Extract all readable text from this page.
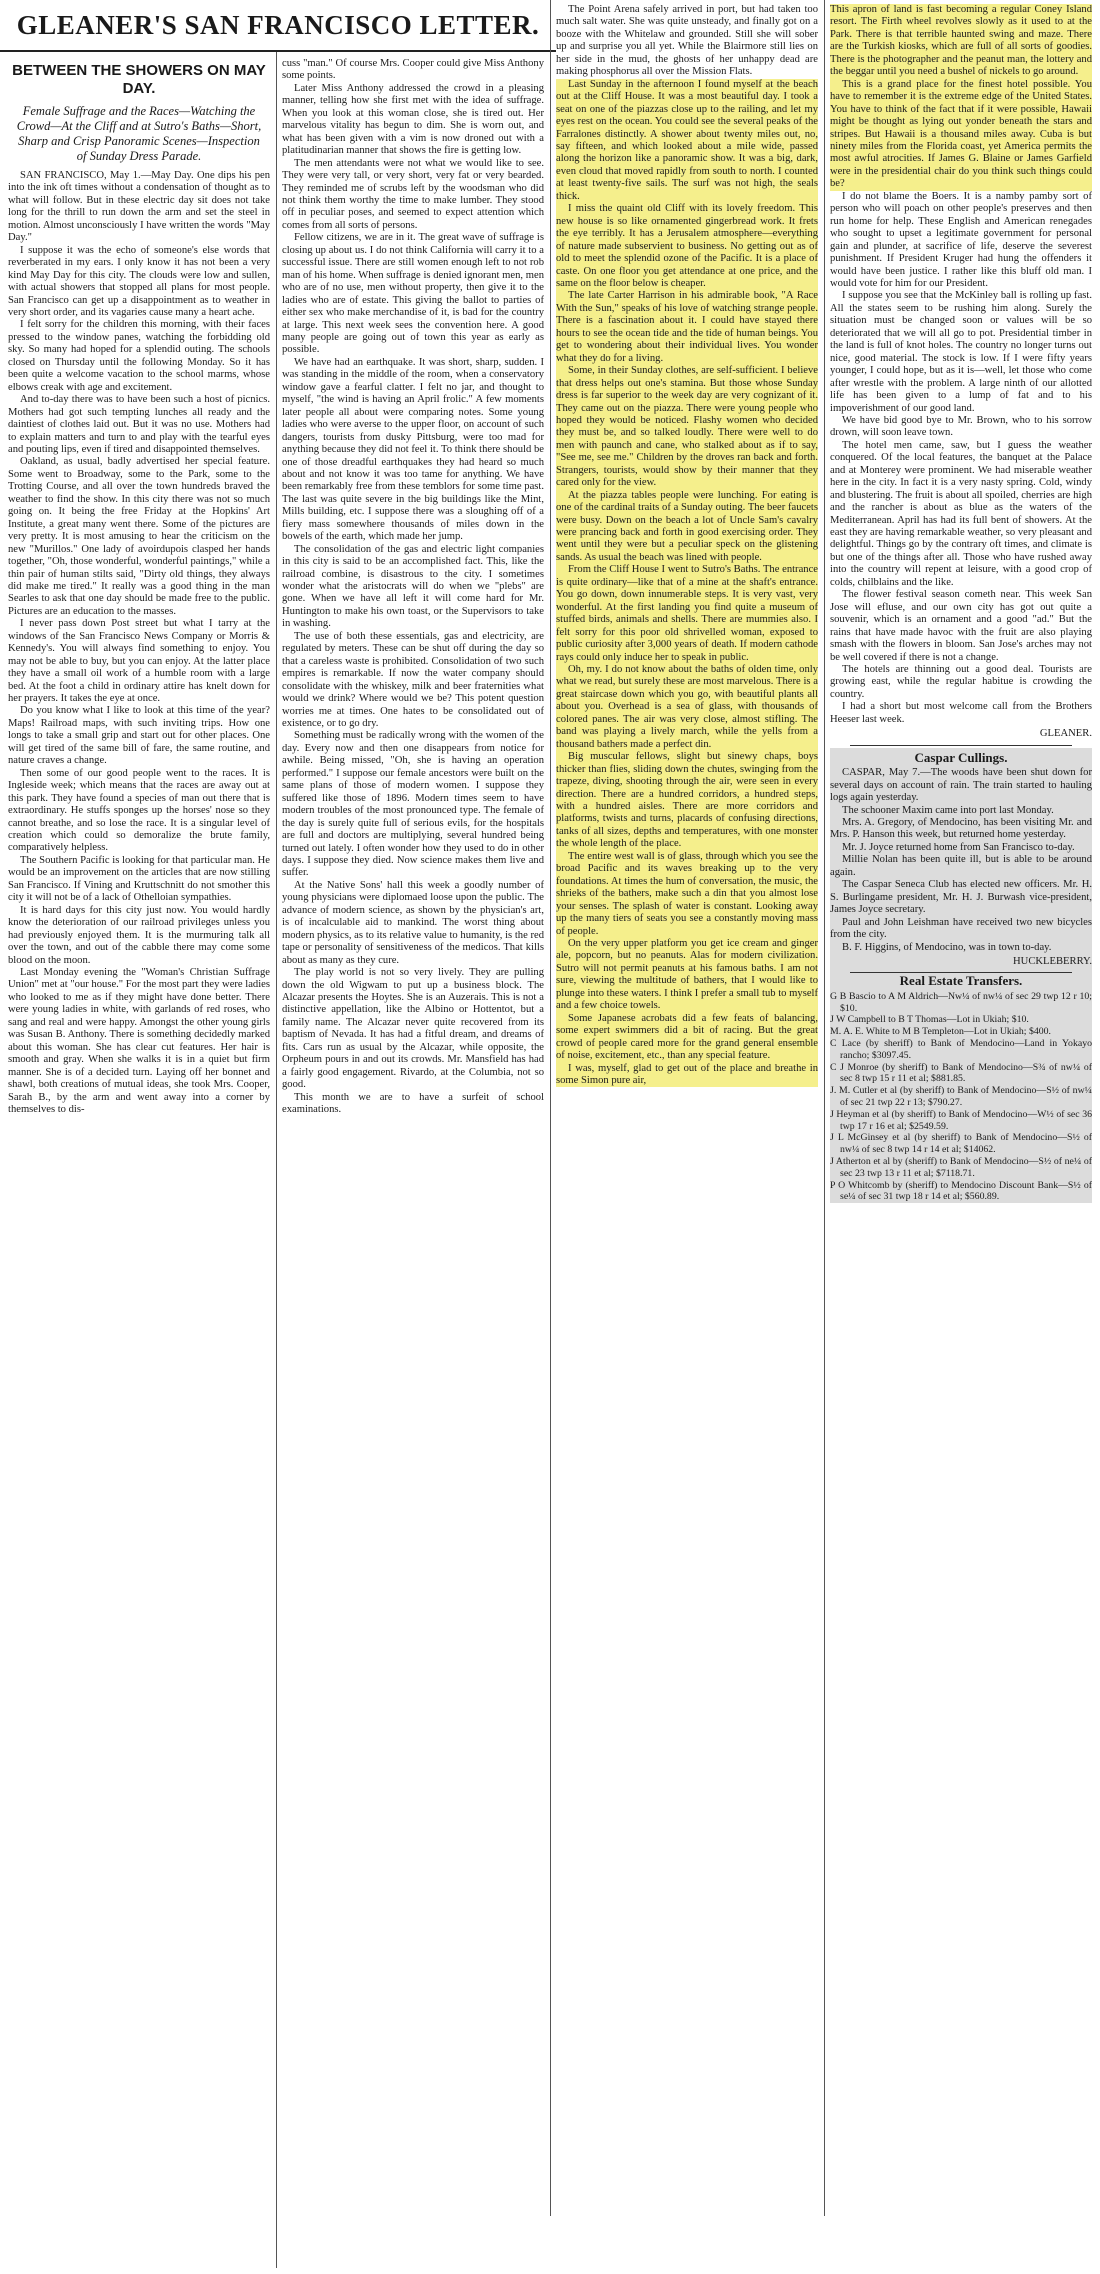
GLEANER'S SAN FRANCISCO LETTER.
BETWEEN THE SHOWERS ON MAY DAY.
Female Suffrage and the Races—Watching the Crowd—At the Cliff and at Sutro's Baths—Short, Sharp and Crisp Panoramic Scenes—Inspection of Sunday Dress Parade.

SAN FRANCISCO, May 1.—May Day. One dips his pen into the ink oft times without a condensation of thought as to what will follow. But in these electric day sit does not take long for the thrill to run down the arm and set the steel in motion. Almost unconsciously I have written the words "May Day."

I suppose it was the echo of someone's else words that reverberated in my ears. I only know it has not been a very kind May Day for this city. The clouds were low and sullen, with actual showers that stopped all plans for most people. San Francisco can get up a disappointment as to weather in very short order, and its vagaries cause many a heart ache.

I felt sorry for the children this morning, with their faces pressed to the window panes, watching the forbidding old sky. So many had hoped for a splendid outing. The schools closed on Thursday until the following Monday. So it has been quite a welcome vacation to the school marms, whose elbows creak with age and excitement.

And to-day there was to have been such a host of picnics. Mothers had got such tempting lunches all ready and the daintiest of clothes laid out. But it was no use. Mothers had to explain matters and turn to and play with the tearful eyes and pouting lips, even if tired and disappointed themselves.

Oakland, as usual, badly advertised her special feature. Some went to Broadway, some to the Park, some to the Trotting Course, and all over the town hundreds braved the weather to find the show. In this city there was not so much going on. It being the free Friday at the Hopkins' Art Institute, a great many went there. Some of the pictures are very pretty. It is most amusing to hear the criticism on the new "Murillos." One lady of avoirdupois clasped her hands together, "Oh, those wonderful, wonderful paintings," while a thin pair of human stilts said, "Dirty old things, they always did make me tired." It really was a good thing in the man Searles to ask that one day should be made free to the public. Pictures are an education to the masses.

I never pass down Post street but what I tarry at the windows of the San Francisco News Company or Morris & Kennedy's. You will always find something to enjoy. You may not be able to buy, but you can enjoy. At the latter place they have a small oil work of a humble room with a large bed. At the foot a child in ordinary attire has knelt down for her prayers. It takes the eye at once.

Do you know what I like to look at this time of the year? Maps! Railroad maps, with such inviting trips. How one longs to take a small grip and start out for other places. One will get tired of the same bill of fare, the same routine, and nature craves a change.

Then some of our good people went to the races. It is Ingleside week; which means that the races are away out at this park. They have found a species of man out there that is extraordinary. He stuffs sponges up the horses' nose so they cannot breathe, and so lose the race. It is a singular level of creation which could so demoralize the brute family, comparatively helpless.

The Southern Pacific is looking for that particular man. He would be an improvement on the articles that are now stilling San Francisco. If Vining and Kruttschnitt do not smother this city it will not be of a lack of Othelloian sympathies.

It is hard days for this city just now. You would hardly know the deterioration of our railroad privileges unless you had previously enjoyed them. It is the murmuring talk all over the town, and out of the cabble there may come some blood on the moon.

Last Monday evening the "Woman's Christian Suffrage Union" met at "our house." For the most part they were ladies who looked to me as if they might have done better. There were young ladies in white, with garlands of red roses, who sang and real and were happy. Amongst the other young girls was Susan B. Anthony. There is something decidedly marked about this woman. She has clear cut features. Her hair is smooth and gray. When she walks it is in a quiet but firm manner. She is of a decided turn. Laying off her bonnet and shawl, both creations of mutual ideas, she took Mrs. Cooper, Sarah B., by the arm and went away into a corner by themselves to dis-

cuss "man." Of course Mrs. Cooper could give Miss Anthony some points.

Later Miss Anthony addressed the crowd in a pleasing manner, telling how she first met with the idea of suffrage. When you look at this woman close, she is tired out. Her marvelous vitality has begun to dim. She is worn out, and what has been given with a vim is now droned out with a platitudinarian manner that shows the fire is getting low.

The men attendants were not what we would like to see. They were very tall, or very short, very fat or very bearded. They reminded me of scrubs left by the woodsman who did not think them worthy the time to make lumber. They stood off in peculiar poses, and seemed to expect attention which comes from all sorts of persons.

Fellow citizens, we are in it. The great wave of suffrage is closing up about us. I do not think California will carry it to a successful issue. There are still women enough left to not rob man of his home. When suffrage is denied ignorant men, men who are of no use, men without property, then give it to the ladies who are of estate. This giving the ballot to parties of either sex who make merchandise of it, is bad for the country at large. This next week sees the convention here. A good many people are going out of town this year as early as possible.

We have had an earthquake. It was short, sharp, sudden. I was standing in the middle of the room, when a conservatory window gave a fearful clatter. I felt no jar, and thought to myself, "the wind is having an April frolic." A few moments later people all about were comparing notes. Some young ladies who were averse to the upper floor, on account of such dangers, tourists from dusky Pittsburg, were too mad for anything because they did not feel it. To think there should be one of those dreadful earthquakes they had heard so much about and not know it was too tame for anything. We have been remarkably free from these temblors for some time past. The last was quite severe in the big buildings like the Mint, Mills building, etc. I suppose there was a sloughing off of a fiery mass somewhere thousands of miles down in the bowels of the earth, which made her jump.

The consolidation of the gas and electric light companies in this city is said to be an accomplished fact. This, like the railroad combine, is disastrous to the city. I sometimes wonder what the aristocrats will do when we "plebs" are gone. When we have all left it will come hard for Mr. Huntington to make his own toast, or the Supervisors to take in washing.

The use of both these essentials, gas and electricity, are regulated by meters. These can be shut off during the day so that a careless waste is prohibited. Consolidation of two such empires is remarkable. If now the water company should consolidate with the whiskey, milk and beer fraternities what would we drink? Where would we be? This potent question worries me at times. One hates to be consolidated out of existence, or to go dry.

Something must be radically wrong with the women of the day. Every now and then one disappears from notice for awhile. Being missed, "Oh, she is having an operation performed." I suppose our female ancestors were built on the same plans of those of modern women. I suppose they suffered like those of 1896. Modern times seem to have modern troubles of the most pronounced type. The female of the day is surely quite full of serious evils, for the hospitals are full and doctors are multiplying, several hundred being turned out lately. I often wonder how they used to do in other days. I suppose they died. Now science makes them live and suffer.

At the Native Sons' hall this week a goodly number of young physicians were diplomaed loose upon the public. The advance of modern science, as shown by the physician's art, is of incalculable aid to mankind. The worst thing about modern physics, as to its relative value to humanity, is the red tape or personality of sensitiveness of the medicos. That kills about as many as they cure.

The play world is not so very lively. They are pulling down the old Wigwam to put up a business block. The Alcazar presents the Hoytes. She is an Auzerais. This is not a distinctive appellation, like the Albino or Hottentot, but a family name. The Alcazar never quite recovered from its baptism of Nevada. It has had a fitful dream, and dreams of fits. Cars run as usual by the Alcazar, while opposite, the Orpheum pours in and out its crowds. Mr. Mansfield has had a fairly good engagement. Rivardo, at the Columbia, not so good.

This month we are to have a surfeit of school examinations.

The Point Arena safely arrived in port, but had taken too much salt water. She was quite unsteady, and finally got on a booze with the Whitelaw and grounded. Still she will sober up and surprise you all yet. While the Blairmore still lies on her side in the mud, the ghosts of her unhappy dead are making phosphorus all over the Mission Flats.

Last Sunday in the afternoon I found myself at the beach out at the Cliff House. It was a most beautiful day. I took a seat on one of the piazzas close up to the railing, and let my eyes rest on the ocean. You could see the several peaks of the Farralones distinctly. A shower about twenty miles out, no, say fifteen, and which looked about a mile wide, passed along the horizon like a panoramic show. It was a big, dark, even cloud that moved rapidly from south to north. I counted at least twenty-five sails. The surf was not high, the seals thick.

I miss the quaint old Cliff with its lovely freedom. This new house is so like ornamented gingerbread work. It frets the eye terribly. It has a Jerusalem atmosphere—everything of nature made subservient to business. No getting out as of old to meet the splendid ozone of the Pacific. It is a place of caste. On one floor you get attendance at one price, and the same on the floor below is cheaper.

The late Carter Harrison in his admirable book, "A Race With the Sun," speaks of his love of watching strange people. There is a fascination about it. I could have stayed there hours to see the ocean tide and the tide of human beings. You get to wondering about their individual lives. You wonder what they do for a living.

Some, in their Sunday clothes, are self-sufficient. I believe that dress helps out one's stamina. But those whose Sunday dress is far superior to the week day are very cognizant of it. They came out on the piazza. There were young people who hoped they would be noticed. Flashy women who decided they must be, and so talked loudly. There were well to do men with paunch and cane, who stalked about as if to say, "See me, see me." Children by the droves ran back and forth. Strangers, tourists, would show by their manner that they cared only for the view.

At the piazza tables people were lunching. For eating is one of the cardinal traits of a Sunday outing. The beer faucets were busy. Down on the beach a lot of Uncle Sam's cavalry were prancing back and forth in good exercising order. They went until they were but a peculiar speck on the glistening sands. As usual the beach was lined with people.

From the Cliff House I went to Sutro's Baths. The entrance is quite ordinary—like that of a mine at the shaft's entrance. You go down, down innumerable steps. It is very vast, very wonderful. At the first landing you find quite a museum of stuffed birds, animals and shells. There are mummies also. I felt sorry for this poor old shrivelled woman, exposed to public curiosity after 3,000 years of death. If modern cathode rays could only induce her to speak in public.

Oh, my. I do not know about the baths of olden time, only what we read, but surely these are most marvelous. There is a great staircase down which you go, with beautiful plants all about you. Overhead is a sea of glass, with thousands of colored panes. The air was very close, almost stifling. The band was playing a lively march, while the yells from a thousand bathers made a perfect din.

Big muscular fellows, slight but sinewy chaps, boys thicker than flies, sliding down the chutes, swinging from the trapeze, diving, shooting through the air, were seen in every direction. There are a hundred corridors, a hundred steps, with a hundred aisles. There are more corridors and platforms, twists and turns, placards of confusing directions, tanks of all sizes, depths and temperatures, with one monster the whole length of the place.

The entire west wall is of glass, through which you see the broad Pacific and its waves breaking up to the very foundations. At times the hum of conversation, the music, the shrieks of the bathers, make such a din that you almost lose your senses. The splash of water is constant. Looking away up the many tiers of seats you see a constantly moving mass of people.

On the very upper platform you get ice cream and ginger ale, popcorn, but no peanuts. Alas for modern civilization. Sutro will not permit peanuts at his famous baths. I am not sure, viewing the multitude of bathers, that I would like to plunge into these waters. I think I prefer a small tub to myself and a few choice towels.

Some Japanese acrobats did a few feats of balancing, some expert swimmers did a bit of racing. But the great crowd of people cared more for the grand general ensemble of noise, excitement, etc., than any special feature.

I was, myself, glad to get out of the place and breathe in some Simon pure air,

This apron of land is fast becoming a regular Coney Island resort. The Firth wheel revolves slowly as it used to at the Park. There is that terrible haunted swing and maze. There are the Turkish kiosks, which are full of all sorts of goodies. There is the photographer and the peanut man, the lottery and the beggar until you need a bushel of nickels to go around.

This is a grand place for the finest hotel possible. You have to remember it is the extreme edge of the United States. You have to think of the fact that if it were possible, Hawaii might be thought as lying out yonder beneath the stars and stripes. But Hawaii is a thousand miles away. Cuba is but ninety miles from the Florida coast, yet America permits the most awful atrocities. If James G. Blaine or James Garfield were in the presidential chair do you think such things could be?

I do not blame the Boers. It is a namby pamby sort of person who will poach on other people's preserves and then run home for help. These English and American renegades who sought to upset a legitimate government for personal gain and plunder, at sacrifice of life, deserve the severest punishment. If President Kruger had hung the offenders it would have been justice. I rather like this bluff old man. I would vote for him for our President.

I suppose you see that the McKinley ball is rolling up fast. All the states seem to be rushing him along. Surely the situation must be changed soon or values will be so deteriorated that we will all go to pot. Presidential timber in the land is full of knot holes. The country no longer turns out nice, good material. The stock is low. If I were fifty years younger, I could hope, but as it is—well, let those who come after wrestle with the problem. A large ninth of our allotted life has been given to a lump of fat and to his impoverishment of our good land.

We have bid good bye to Mr. Brown, who to his sorrow drown, will soon leave town.

The hotel men came, saw, but I guess the weather conquered. Of the local features, the banquet at the Palace and at Monterey were prominent. We had miserable weather here in the city. In fact it is a very nasty spring. Cold, windy and blustering. The fruit is about all spoiled, cherries are high and the rancher is about as blue as the waters of the Mediterranean. April has had its full bent of showers. At the east they are having remarkable weather, so very pleasant and delightful. Things go by the contrary oft times, and climate is but one of the things after all. Those who have rushed away into the country will repent at leisure, with a good crop of colds, chilblains and the like.

The flower festival season cometh near. This week San Jose will efluse, and our own city has got out quite a souvenir, which is an ornament and a good "ad." But the rains that have made havoc with the fruit are also playing smash with the flowers in bloom. San Jose's arches may not be well covered if there is not a change.

The hotels are thinning out a good deal. Tourists are growing east, while the regular habitue is crowding the country.

I had a short but most welcome call from the Brothers Heeser last week.

GLEANER.
Caspar Cullings.

CASPAR, May 7.—The woods have been shut down for several days on account of rain. The train started to hauling logs again yesterday.

The schooner Maxim came into port last Monday.

Mrs. A. Gregory, of Mendocino, has been visiting Mr. and Mrs. P. Hanson this week, but returned home yesterday.

Mr. J. Joyce returned home from San Francisco to-day.

Millie Nolan has been quite ill, but is able to be around again.

The Caspar Seneca Club has elected new officers. Mr. H. S. Burlingame president, Mr. H. J. Burwash vice-president, James Joyce secretary.

Paul and John Leishman have received two new bicycles from the city.

B. F. Higgins, of Mendocino, was in town to-day.

HUCKLEBERRY.
Real Estate Transfers.

G B Bascio to A M Aldrich—Nw¼ of nw¼ of sec 29 twp 12 r 10; $10.

J W Campbell to B T Thomas—Lot in Ukiah; $10.

M. A. E. White to M B Templeton—Lot in Ukiah; $400.

C Lace (by sheriff) to Bank of Mendocino—Land in Yokayo rancho; $3097.45.

C J Monroe (by sheriff) to Bank of Mendocino—S¾ of nw¼ of sec 8 twp 15 r 11 et al; $881.85.

J. M. Cutler et al (by sheriff) to Bank of Mendocino—S½ of nw¼ of sec 21 twp 22 r 13; $790.27.

J Heyman et al (by sheriff) to Bank of Mendocino—W½ of sec 36 twp 17 r 16 et al; $2549.59.

J L McGinsey et al (by sheriff) to Bank of Mendocino—S½ of nw¼ of sec 8 twp 14 r 14 et al; $14062.

J Atherton et al by (sheriff) to Bank of Mendocino—S½ of ne¼ of sec 23 twp 13 r 11 et al; $7118.71.

P O Whitcomb by (sheriff) to Mendocino Discount Bank—S½ of se¼ of sec 31 twp 18 r 14 et al; $560.89.
